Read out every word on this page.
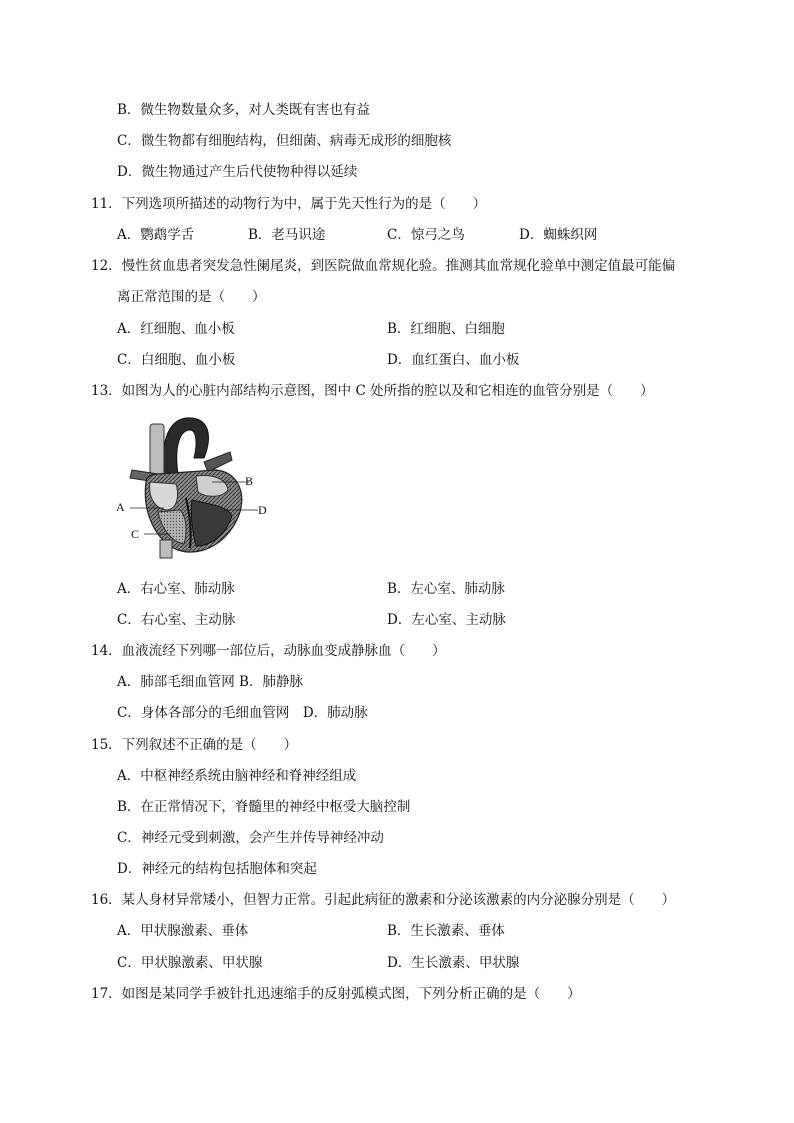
B．微生物数量众多，对人类既有害也有益
C．微生物都有细胞结构，但细菌、病毒无成形的细胞核
D．微生物通过产生后代使物种得以延续
11．下列选项所描述的动物行为中，属于先天性行为的是（　　）
A．鹦鹉学舌	B．老马识途	C．惊弓之鸟	D．蜘蛛织网
12．慢性贫血患者突发急性阑尾炎，到医院做血常规化验。推测其血常规化验单中测定值最可能偏
离正常范围的是（　　）
A．红细胞、血小板	B．红细胞、白细胞
C．白细胞、血小板	D．血红蛋白、血小板
13．如图为人的心脏内部结构示意图，图中 C 处所指的腔以及和它相连的血管分别是（　　）
A
B
D
C
A．右心室、肺动脉	B．左心室、肺动脉
C．右心室、主动脉	D．左心室、主动脉
14．血液流经下列哪一部位后，动脉血变成静脉血（　　）
A．肺部毛细血管网 B．肺静脉
C．身体各部分的毛细血管网　D．肺动脉
15．下列叙述不正确的是（　　）
A．中枢神经系统由脑神经和脊神经组成
B．在正常情况下，脊髓里的神经中枢受大脑控制
C．神经元受到刺激，会产生并传导神经冲动
D．神经元的结构包括胞体和突起
16．某人身材异常矮小，但智力正常。引起此病征的激素和分泌该激素的内分泌腺分别是（　　）
A．甲状腺激素、垂体	B．生长激素、垂体
C．甲状腺激素、甲状腺	D．生长激素、甲状腺
17．如图是某同学手被针扎迅速缩手的反射弧模式图，下列分析正确的是（　　）
